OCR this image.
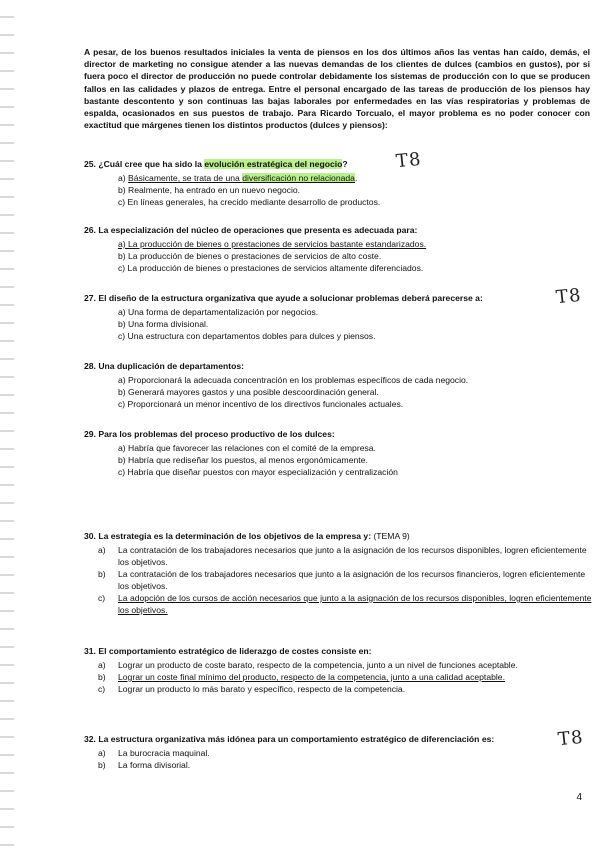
A pesar, de los buenos resultados iniciales la venta de piensos en los dos últimos años las ventas han caído, demás, el director de marketing no consigue atender a las nuevas demandas de los clientes de dulces (cambios en gustos), por si fuera poco el director de producción no puede controlar debidamente los sistemas de producción con lo que se producen fallos en las calidades y plazos de entrega. Entre el personal encargado de las tareas de producción de los piensos hay bastante descontento y son continuas las bajas laborales por enfermedades en las vías respiratorias y problemas de espalda, ocasionados en sus puestos de trabajo. Para Ricardo Torcualo, el mayor problema es no poder conocer con exactitud que márgenes tienen los distintos productos (dulces y piensos):

25. ¿Cuál cree que ha sido la evolución estratégica del negocio?
a) Básicamente, se trata de una diversificación no relacionada.
b) Realmente, ha entrado en un nuevo negocio.
c) En líneas generales, ha crecido mediante desarrollo de productos.
T8
26. La especialización del núcleo de operaciones que presenta es adecuada para:
a) La producción de bienes o prestaciones de servicios bastante estandarizados.
b) La producción de bienes o prestaciones de servicios de alto coste.
c) La producción de bienes o prestaciones de servicios altamente diferenciados.
27. El diseño de la estructura organizativa que ayude a solucionar problemas deberá parecerse a:
a) Una forma de departamentalización por negocios.
b) Una forma divisional.
c) Una estructura con departamentos dobles para dulces y piensos.
T8
28. Una duplicación de departamentos:
a) Proporcionará la adecuada concentración en los problemas específicos de cada negocio.
b) Generará mayores gastos y una posible descoordinación general.
c) Proporcionará un menor incentivo de los directivos funcionales actuales.
29. Para los problemas del proceso productivo de los dulces:
a) Habría que favorecer las relaciones con el comité de la empresa.
b) Habría que rediseñar los puestos, al menos ergonómicamente.
c) Habría que diseñar puestos con mayor especialización y centralización
30. La estrategia es la determinación de los objetivos de la empresa y: (TEMA 9)
a)	La contratación de los trabajadores necesarios que junto a la asignación de los recursos disponibles, logren eficientemente los objetivos.
b)	La contratación de los trabajadores necesarios que junto a la asignación de los recursos financieros, logren eficientemente los objetivos.
c)	La adopción de los cursos de acción necesarios que junto a la asignación de los recursos disponibles, logren eficientemente los objetivos.
31. El comportamiento estratégico de liderazgo de costes consiste en:
a)	Lograr un producto de coste barato, respecto de la competencia, junto a un nivel de funciones aceptable.
b)	Lograr un coste final mínimo del producto, respecto de la competencia, junto a una calidad aceptable.
c)	Lograr un producto lo más barato y específico, respecto de la competencia.
32. La estructura organizativa más idónea para un comportamiento estratégico de diferenciación es:
a)	La burocracia maquinal.
b)	La forma divisorial.
T8
4
